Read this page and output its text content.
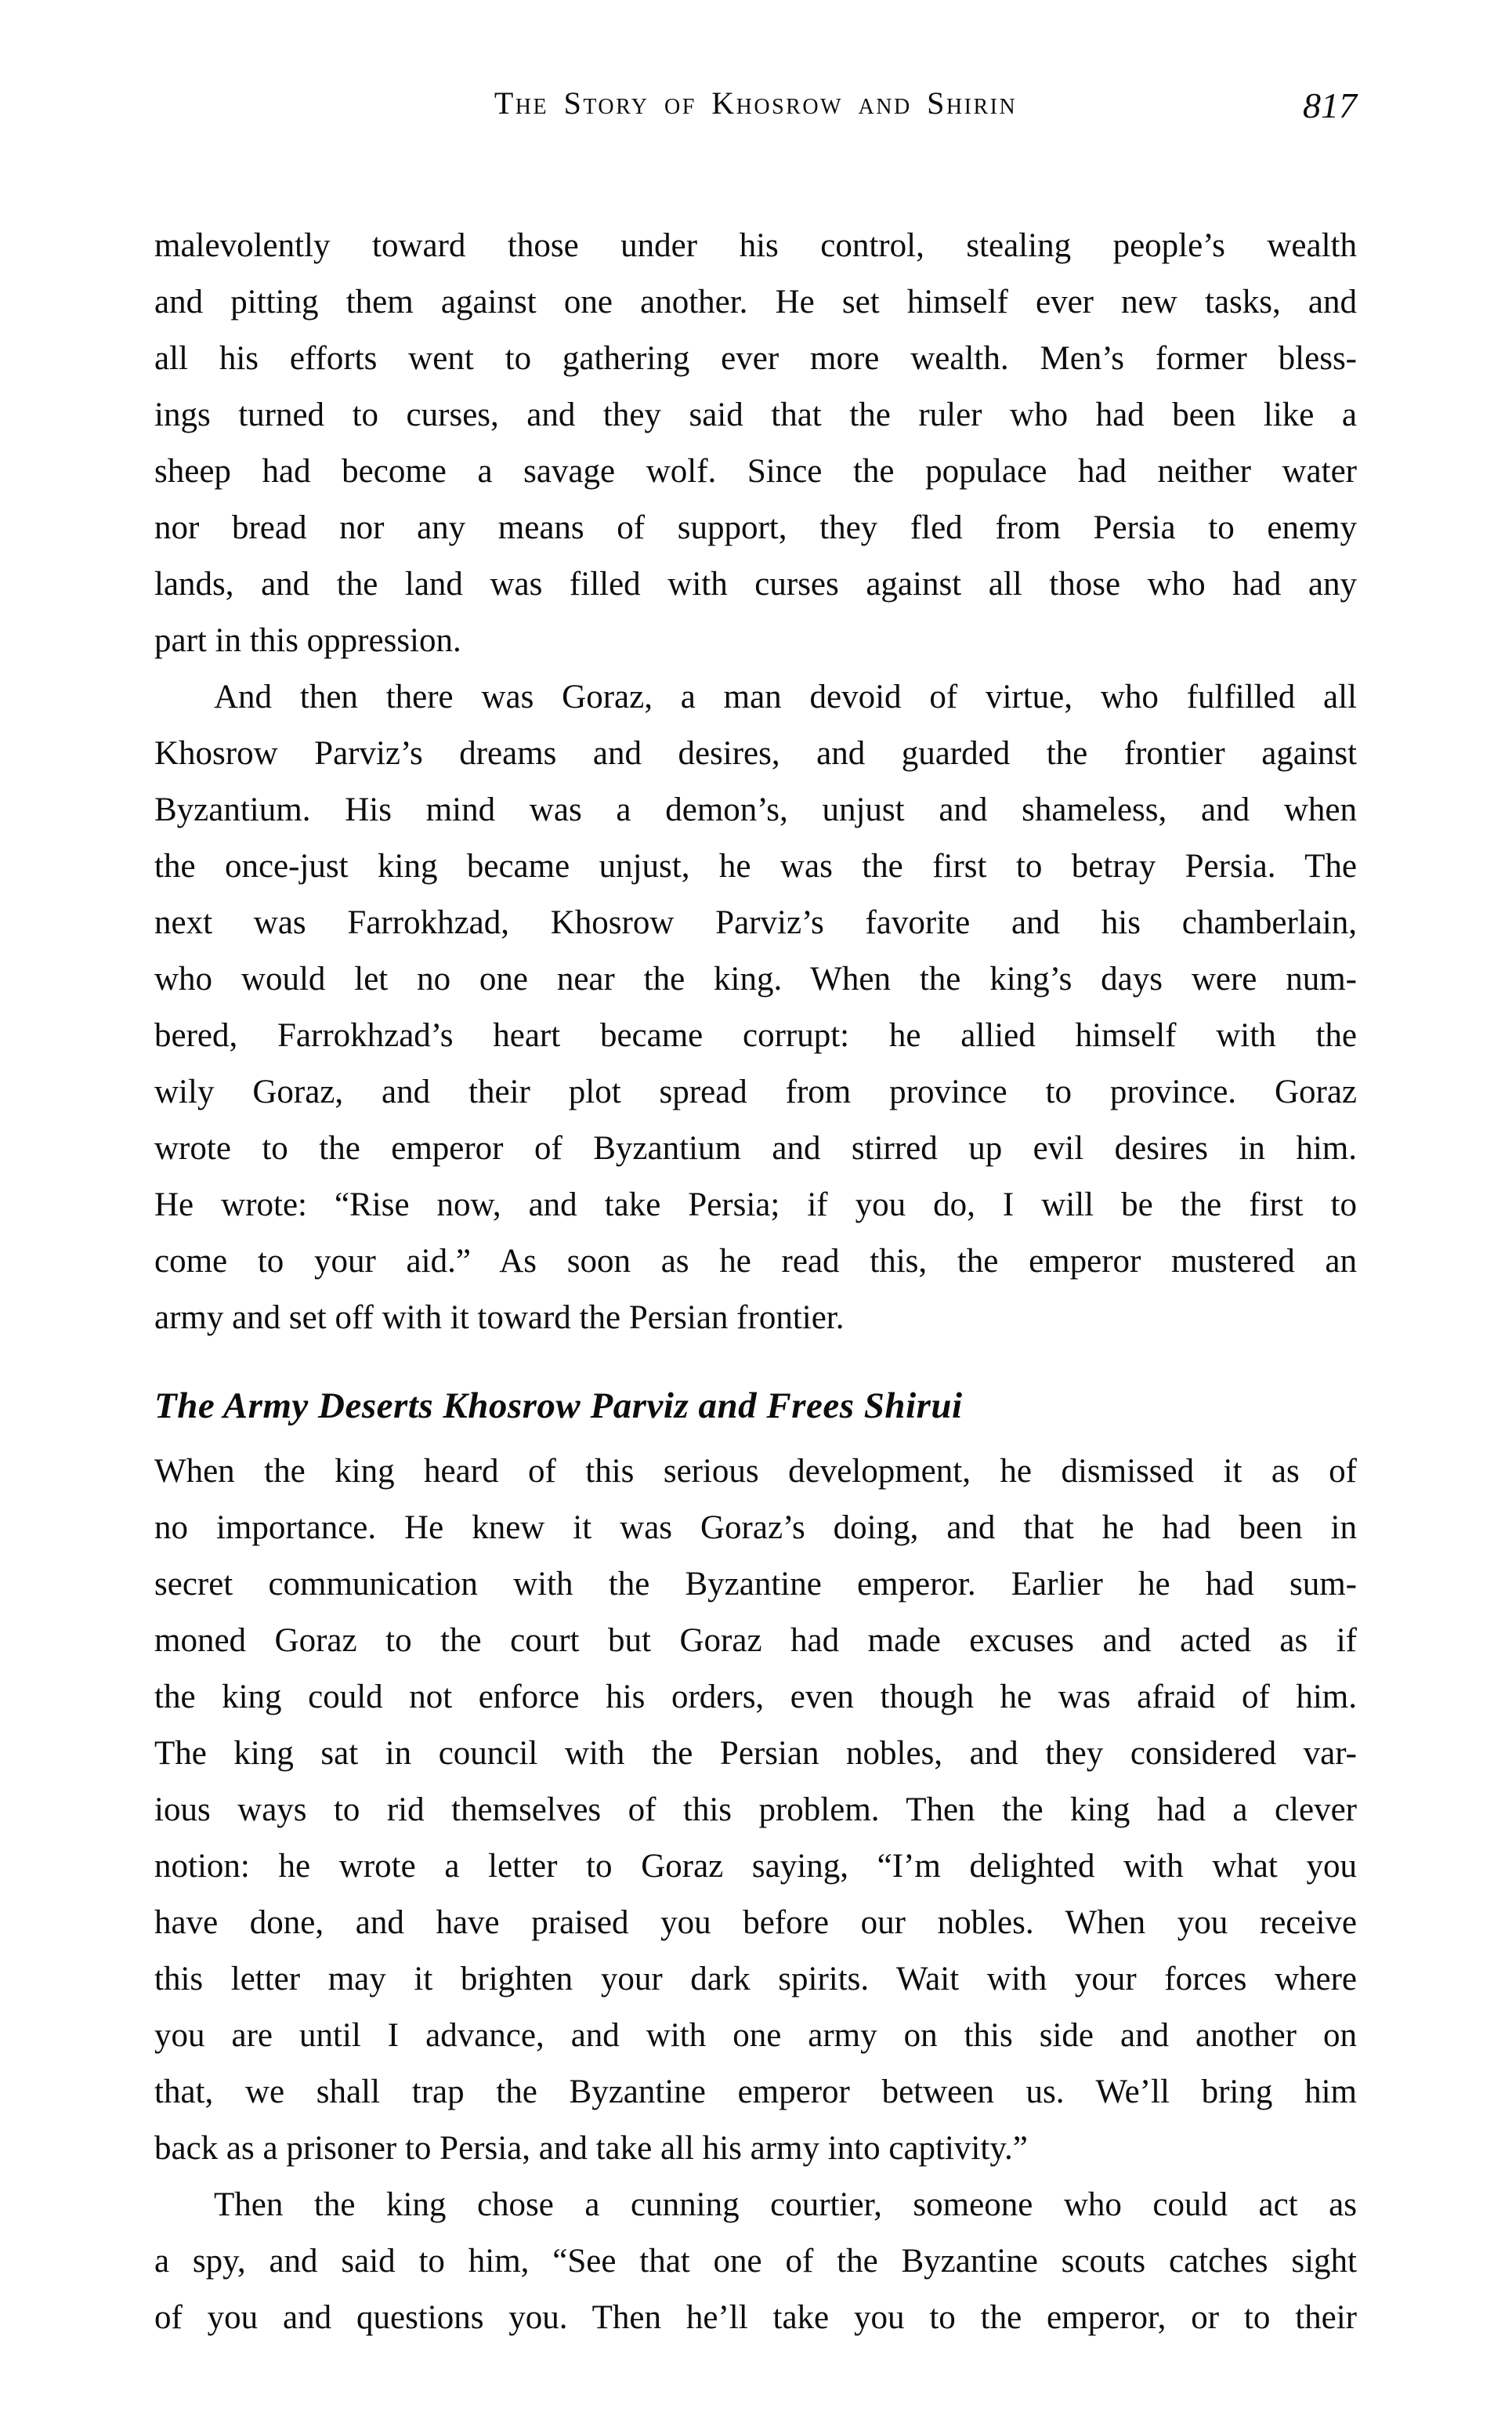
The Story of Khosrow and Shirin	817
malevolently toward those under his control, stealing people’s wealth
and pitting them against one another. He set himself ever new tasks, and
all his efforts went to gathering ever more wealth. Men’s former bless-
ings turned to curses, and they said that the ruler who had been like a
sheep had become a savage wolf. Since the populace had neither water
nor bread nor any means of support, they fled from Persia to enemy
lands, and the land was filled with curses against all those who had any
part in this oppression.
And then there was Goraz, a man devoid of virtue, who fulfilled all
Khosrow Parviz’s dreams and desires, and guarded the frontier against
Byzantium. His mind was a demon’s, unjust and shameless, and when
the once-just king became unjust, he was the first to betray Persia. The
next was Farrokhzad, Khosrow Parviz’s favorite and his chamberlain,
who would let no one near the king. When the king’s days were num-
bered, Farrokhzad’s heart became corrupt: he allied himself with the
wily Goraz, and their plot spread from province to province. Goraz
wrote to the emperor of Byzantium and stirred up evil desires in him.
He wrote: “Rise now, and take Persia; if you do, I will be the first to
come to your aid.” As soon as he read this, the emperor mustered an
army and set off with it toward the Persian frontier.
The Army Deserts Khosrow Parviz and Frees Shirui
When the king heard of this serious development, he dismissed it as of
no importance. He knew it was Goraz’s doing, and that he had been in
secret communication with the Byzantine emperor. Earlier he had sum-
moned Goraz to the court but Goraz had made excuses and acted as if
the king could not enforce his orders, even though he was afraid of him.
The king sat in council with the Persian nobles, and they considered var-
ious ways to rid themselves of this problem. Then the king had a clever
notion: he wrote a letter to Goraz saying, “I’m delighted with what you
have done, and have praised you before our nobles. When you receive
this letter may it brighten your dark spirits. Wait with your forces where
you are until I advance, and with one army on this side and another on
that, we shall trap the Byzantine emperor between us. We’ll bring him
back as a prisoner to Persia, and take all his army into captivity.”
Then the king chose a cunning courtier, someone who could act as
a spy, and said to him, “See that one of the Byzantine scouts catches sight
of you and questions you. Then he’ll take you to the emperor, or to their
